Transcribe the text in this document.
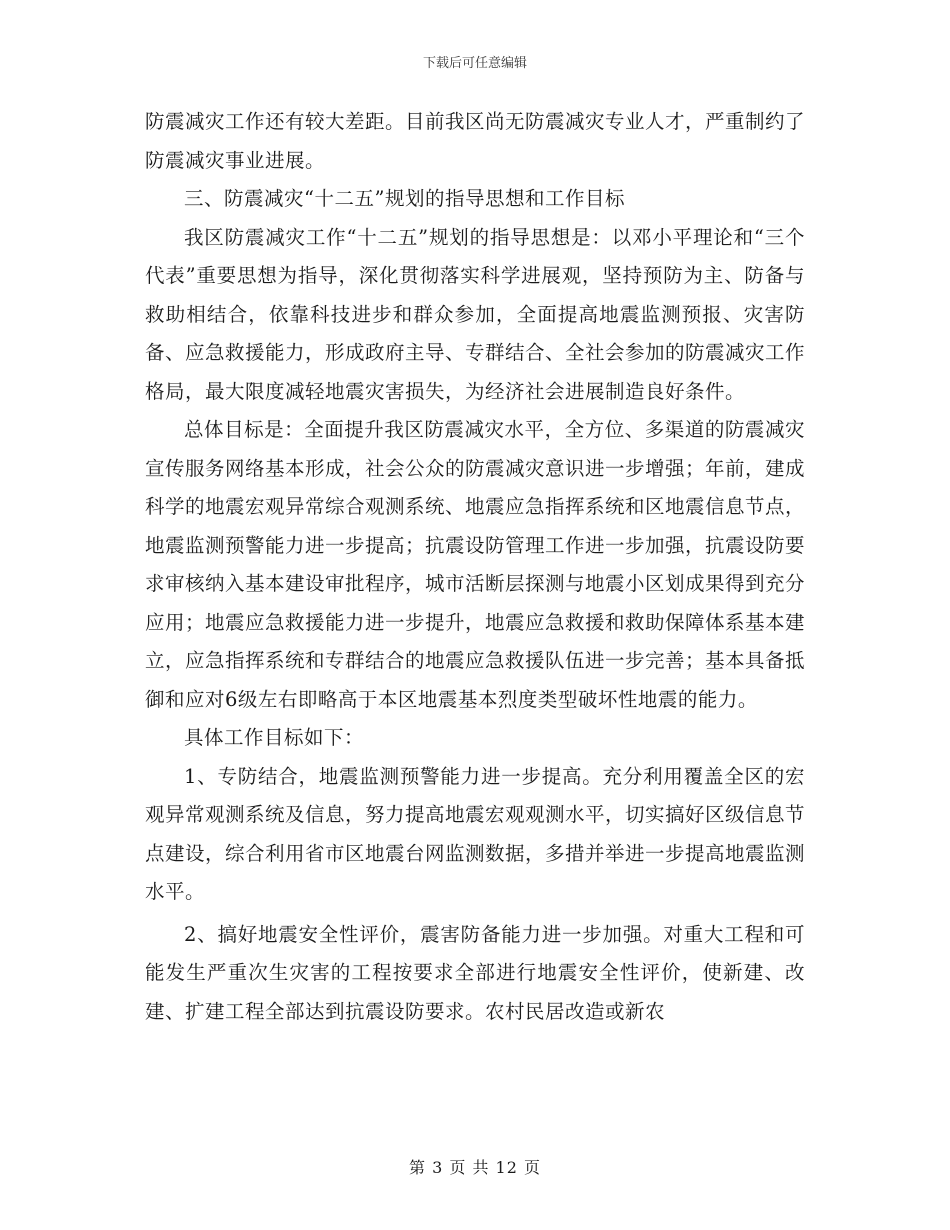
下载后可任意编辑

防震减灾工作还有较大差距。目前我区尚无防震减灾专业人才，严重制约了防震减灾事业进展。

三、防震减灾“十二五”规划的指导思想和工作目标

我区防震减灾工作“十二五”规划的指导思想是：以邓小平理论和“三个代表”重要思想为指导，深化贯彻落实科学进展观，坚持预防为主、防备与救助相结合，依靠科技进步和群众参加，全面提高地震监测预报、灾害防备、应急救援能力，形成政府主导、专群结合、全社会参加的防震减灾工作格局，最大限度减轻地震灾害损失，为经济社会进展制造良好条件。

总体目标是：全面提升我区防震减灾水平，全方位、多渠道的防震减灾宣传服务网络基本形成，社会公众的防震减灾意识进一步增强；年前，建成科学的地震宏观异常综合观测系统、地震应急指挥系统和区地震信息节点，地震监测预警能力进一步提高；抗震设防管理工作进一步加强，抗震设防要求审核纳入基本建设审批程序，城市活断层探测与地震小区划成果得到充分应用；地震应急救援能力进一步提升，地震应急救援和救助保障体系基本建立，应急指挥系统和专群结合的地震应急救援队伍进一步完善；基本具备抵御和应对6级左右即略高于本区地震基本烈度类型破坏性地震的能力。

具体工作目标如下：

1、专防结合，地震监测预警能力进一步提高。充分利用覆盖全区的宏观异常观测系统及信息，努力提高地震宏观观测水平，切实搞好区级信息节点建设，综合利用省市区地震台网监测数据，多措并举进一步提高地震监测水平。

2、搞好地震安全性评价，震害防备能力进一步加强。对重大工程和可能发生严重次生灾害的工程按要求全部进行地震安全性评价，使新建、改建、扩建工程全部达到抗震设防要求。农村民居改造或新农

第 3 页 共 12 页
